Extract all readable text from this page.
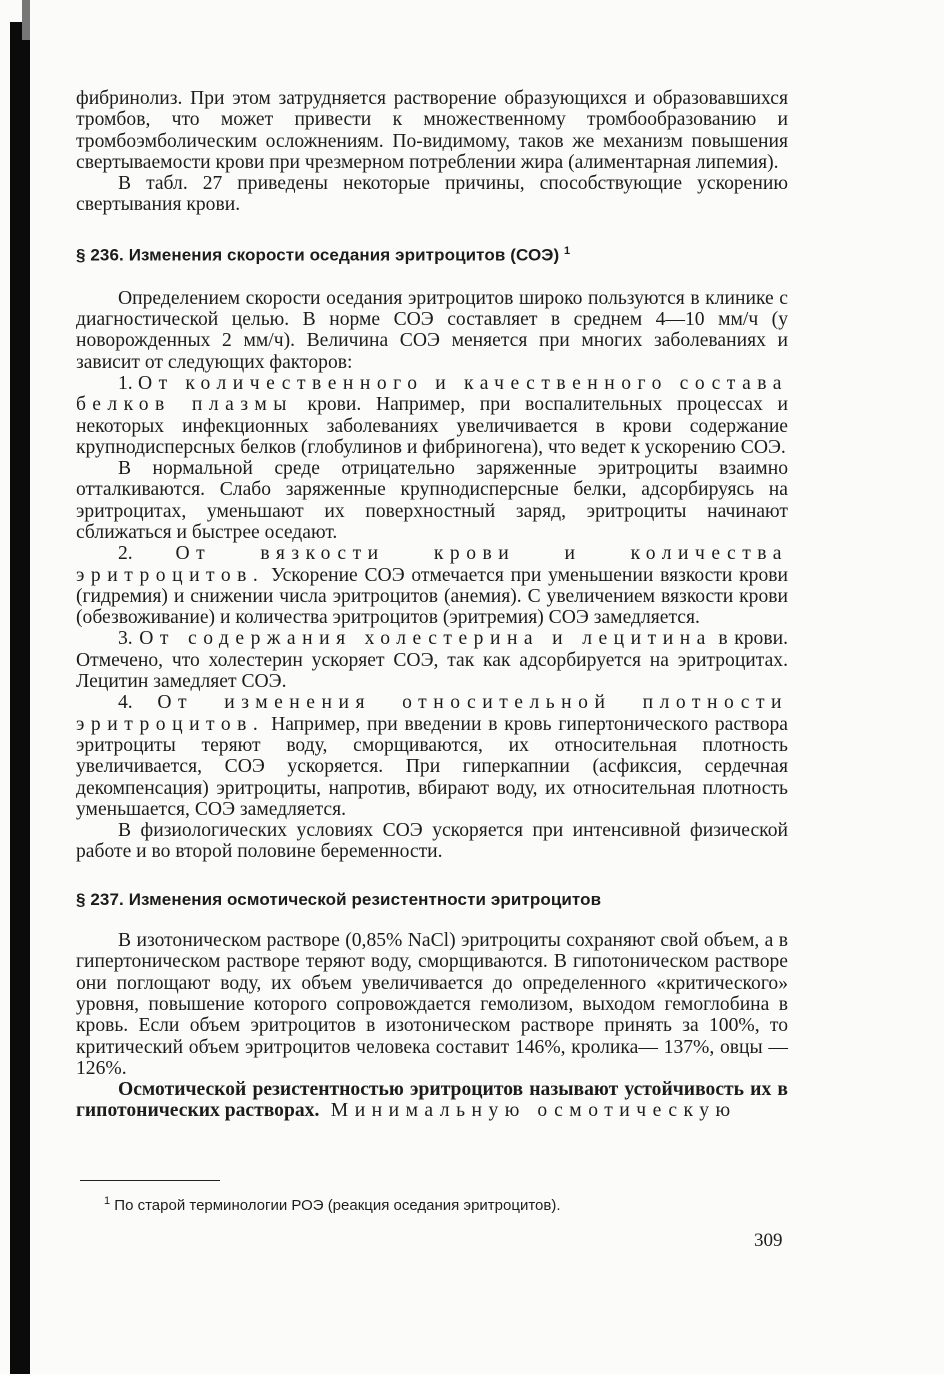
фибринолиз. При этом затрудняется растворение образующихся и образовавшихся тромбов, что может привести к множественному тромбообразованию и тромбоэмболическим осложнениям. По-видимому, таков же механизм повышения свертываемости крови при чрезмерном потреблении жира (алиментарная липемия).

В табл. 27 приведены некоторые причины, способствующие ускорению свертывания крови.

§ 236. Изменения скорости оседания эритроцитов (СОЭ) $^1$

Определением скорости оседания эритроцитов широко пользуются в клинике с диагностической целью. В норме СОЭ составляет в среднем 4—10 мм/ч (у новорожденных 2 мм/ч). Величина СОЭ меняется при многих заболеваниях и зависит от следующих факторов:

1. От количественного и качественного состава белков плазмы крови. Например, при воспалительных процессах и некоторых инфекционных заболеваниях увеличивается в крови содержание крупнодисперсных белков (глобулинов и фибриногена), что ведет к ускорению СОЭ.

В нормальной среде отрицательно заряженные эритроциты взаимно отталкиваются. Слабо заряженные крупнодисперсные белки, адсорбируясь на эритроцитах, уменьшают их поверхностный заряд, эритроциты начинают сближаться и быстрее оседают.

2. От вязкости крови и количества эритроцитов. Ускорение СОЭ отмечается при уменьшении вязкости крови (гидремия) и снижении числа эритроцитов (анемия). С увеличением вязкости крови (обезвоживание) и количества эритроцитов (эритремия) СОЭ замедляется.

3. От содержания холестерина и лецитина в крови. Отмечено, что холестерин ускоряет СОЭ, так как адсорбируется на эритроцитах. Лецитин замедляет СОЭ.

4. От изменения относительной плотности эритроцитов. Например, при введении в кровь гипертонического раствора эритроциты теряют воду, сморщиваются, их относительная плотность увеличивается, СОЭ ускоряется. При гиперкапнии (асфиксия, сердечная декомпенсация) эритроциты, напротив, вбирают воду, их относительная плотность уменьшается, СОЭ замедляется.

В физиологических условиях СОЭ ускоряется при интенсивной физической работе и во второй половине беременности.

§ 237. Изменения осмотической резистентности эритроцитов

В изотоническом растворе (0,85% NaCl) эритроциты сохраняют свой объем, а в гипертоническом растворе теряют воду, сморщиваются. В гипотоническом растворе они поглощают воду, их объем увеличивается до определенного «критического» уровня, повышение которого сопровождается гемолизом, выходом гемоглобина в кровь. Если объем эритроцитов в изотоническом растворе принять за 100%, то критический объем эритроцитов человека составит 146%, кролика— 137%, овцы — 126%.

Осмотической резистентностью эритроцитов называют устойчивость их в гипотонических растворах. Минимальную осмотическую

$^1$ По старой терминологии РОЭ (реакция оседания эритроцитов).
309
